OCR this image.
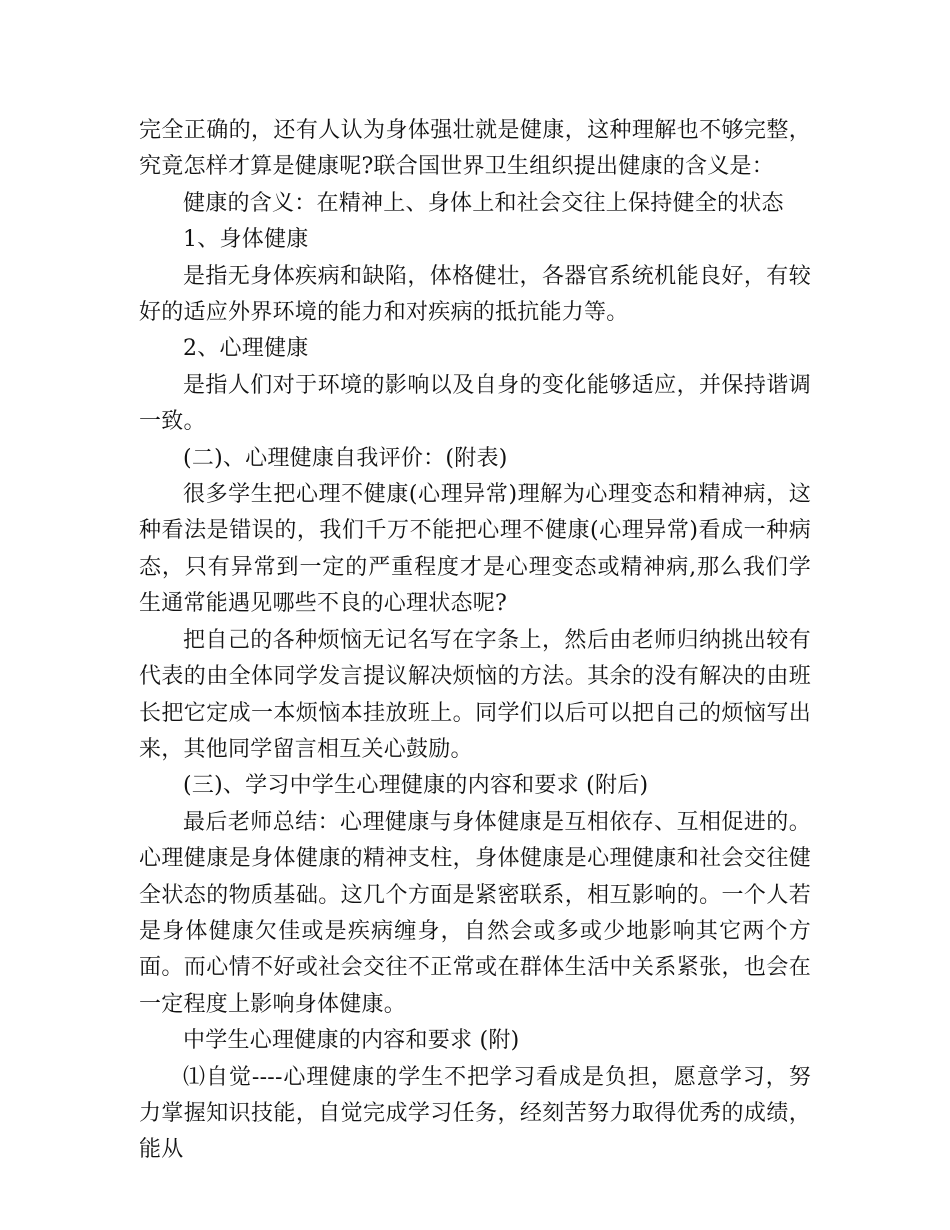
完全正确的，还有人认为身体强壮就是健康，这种理解也不够完整，究竟怎样才算是健康呢?联合国世界卫生组织提出健康的含义是：

健康的含义：在精神上、身体上和社会交往上保持健全的状态

1、身体健康

是指无身体疾病和缺陷，体格健壮，各器官系统机能良好，有较好的适应外界环境的能力和对疾病的抵抗能力等。

2、心理健康

是指人们对于环境的影响以及自身的变化能够适应，并保持谐调一致。

(二)、心理健康自我评价：(附表)

很多学生把心理不健康(心理异常)理解为心理变态和精神病，这种看法是错误的，我们千万不能把心理不健康(心理异常)看成一种病态，只有异常到一定的严重程度才是心理变态或精神病,那么我们学生通常能遇见哪些不良的心理状态呢?

把自己的各种烦恼无记名写在字条上，然后由老师归纳挑出较有代表的由全体同学发言提议解决烦恼的方法。其余的没有解决的由班长把它定成一本烦恼本挂放班上。同学们以后可以把自己的烦恼写出来，其他同学留言相互关心鼓励。

(三)、学习中学生心理健康的内容和要求 (附后)

最后老师总结：心理健康与身体健康是互相依存、互相促进的。心理健康是身体健康的精神支柱，身体健康是心理健康和社会交往健全状态的物质基础。这几个方面是紧密联系，相互影响的。一个人若是身体健康欠佳或是疾病缠身，自然会或多或少地影响其它两个方面。而心情不好或社会交往不正常或在群体生活中关系紧张，也会在一定程度上影响身体健康。

中学生心理健康的内容和要求 (附)

⑴自觉----心理健康的学生不把学习看成是负担，愿意学习，努力掌握知识技能，自觉完成学习任务，经刻苦努力取得优秀的成绩，能从
